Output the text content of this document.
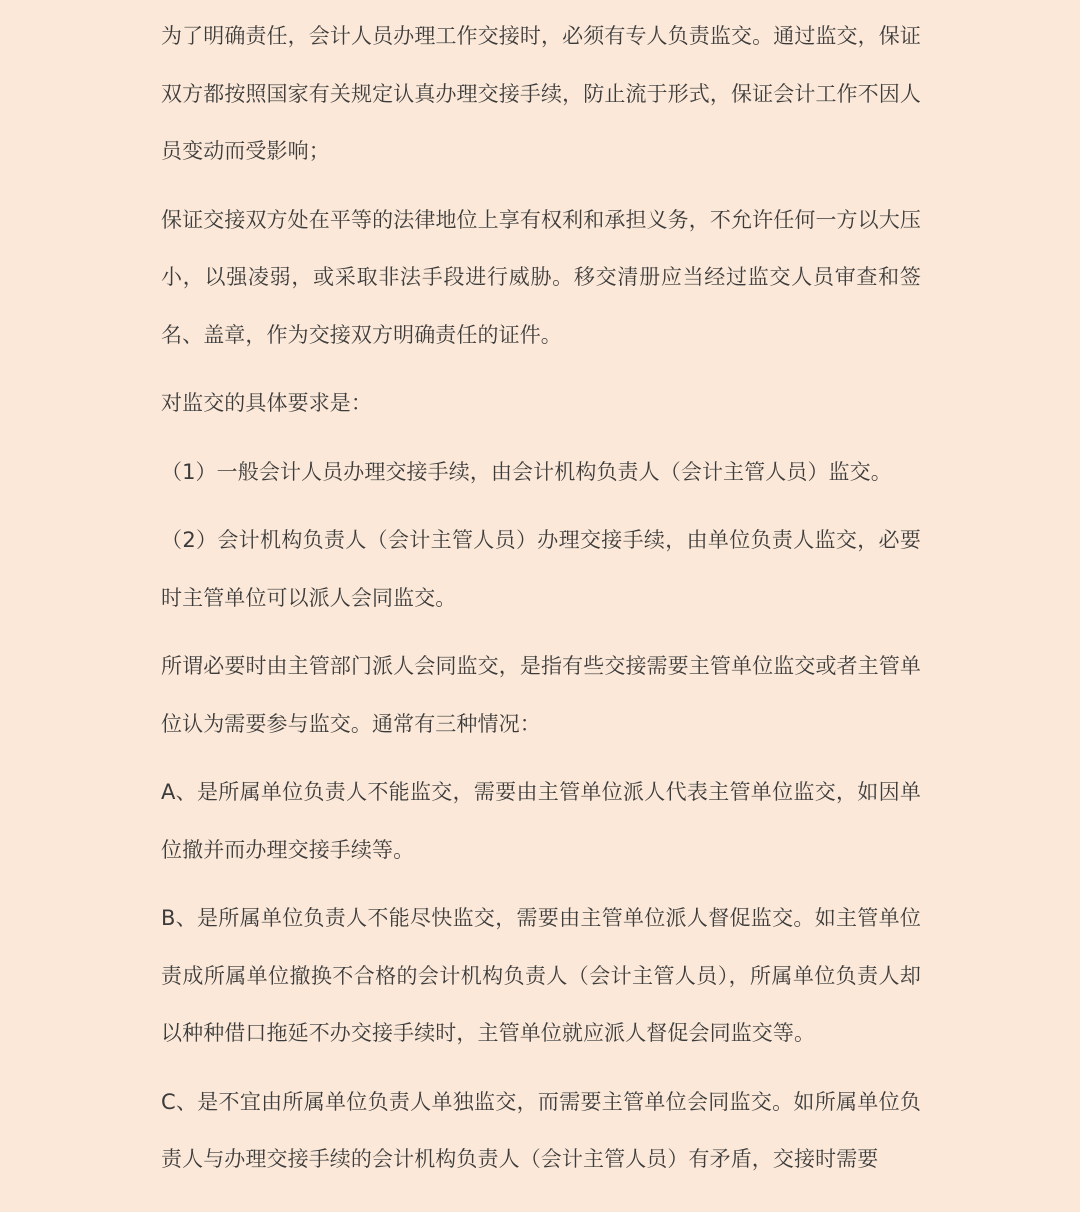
为了明确责任，会计人员办理工作交接时，必须有专人负责监交。通过监交，保证双方都按照国家有关规定认真办理交接手续，防止流于形式，保证会计工作不因人员变动而受影响；

保证交接双方处在平等的法律地位上享有权利和承担义务，不允许任何一方以大压小，以强凌弱，或采取非法手段进行威胁。移交清册应当经过监交人员审查和签名、盖章，作为交接双方明确责任的证件。

对监交的具体要求是：

（1）一般会计人员办理交接手续，由会计机构负责人（会计主管人员）监交。

（2）会计机构负责人（会计主管人员）办理交接手续，由单位负责人监交，必要时主管单位可以派人会同监交。

所谓必要时由主管部门派人会同监交，是指有些交接需要主管单位监交或者主管单位认为需要参与监交。通常有三种情况：

A、是所属单位负责人不能监交，需要由主管单位派人代表主管单位监交，如因单位撤并而办理交接手续等。

B、是所属单位负责人不能尽快监交，需要由主管单位派人督促监交。如主管单位责成所属单位撤换不合格的会计机构负责人（会计主管人员），所属单位负责人却以种种借口拖延不办交接手续时，主管单位就应派人督促会同监交等。

C、是不宜由所属单位负责人单独监交，而需要主管单位会同监交。如所属单位负责人与办理交接手续的会计机构负责人（会计主管人员）有矛盾，交接时需要
